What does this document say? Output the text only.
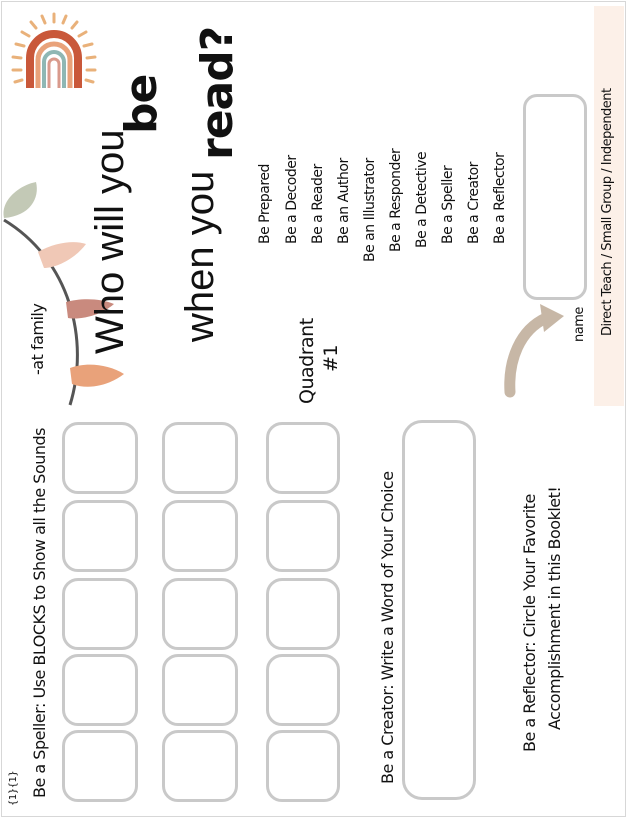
-at family Who will you
be
when you
read?
Quadrant #1
Be Prepared Be a Decoder Be a Reader Be an Author Be an Illustrator Be a Responder Be a Detective Be a Speller Be a Creator Be a Reflector
name Direct Teach / Small Group / Independent
{1}{1} Be a Speller: Use BLOCKS to Show all the Sounds	Be a Creator: Write a Word of Your Choice	Be a Reflector: Circle Your Favorite Accomplishment in this Booklet!
